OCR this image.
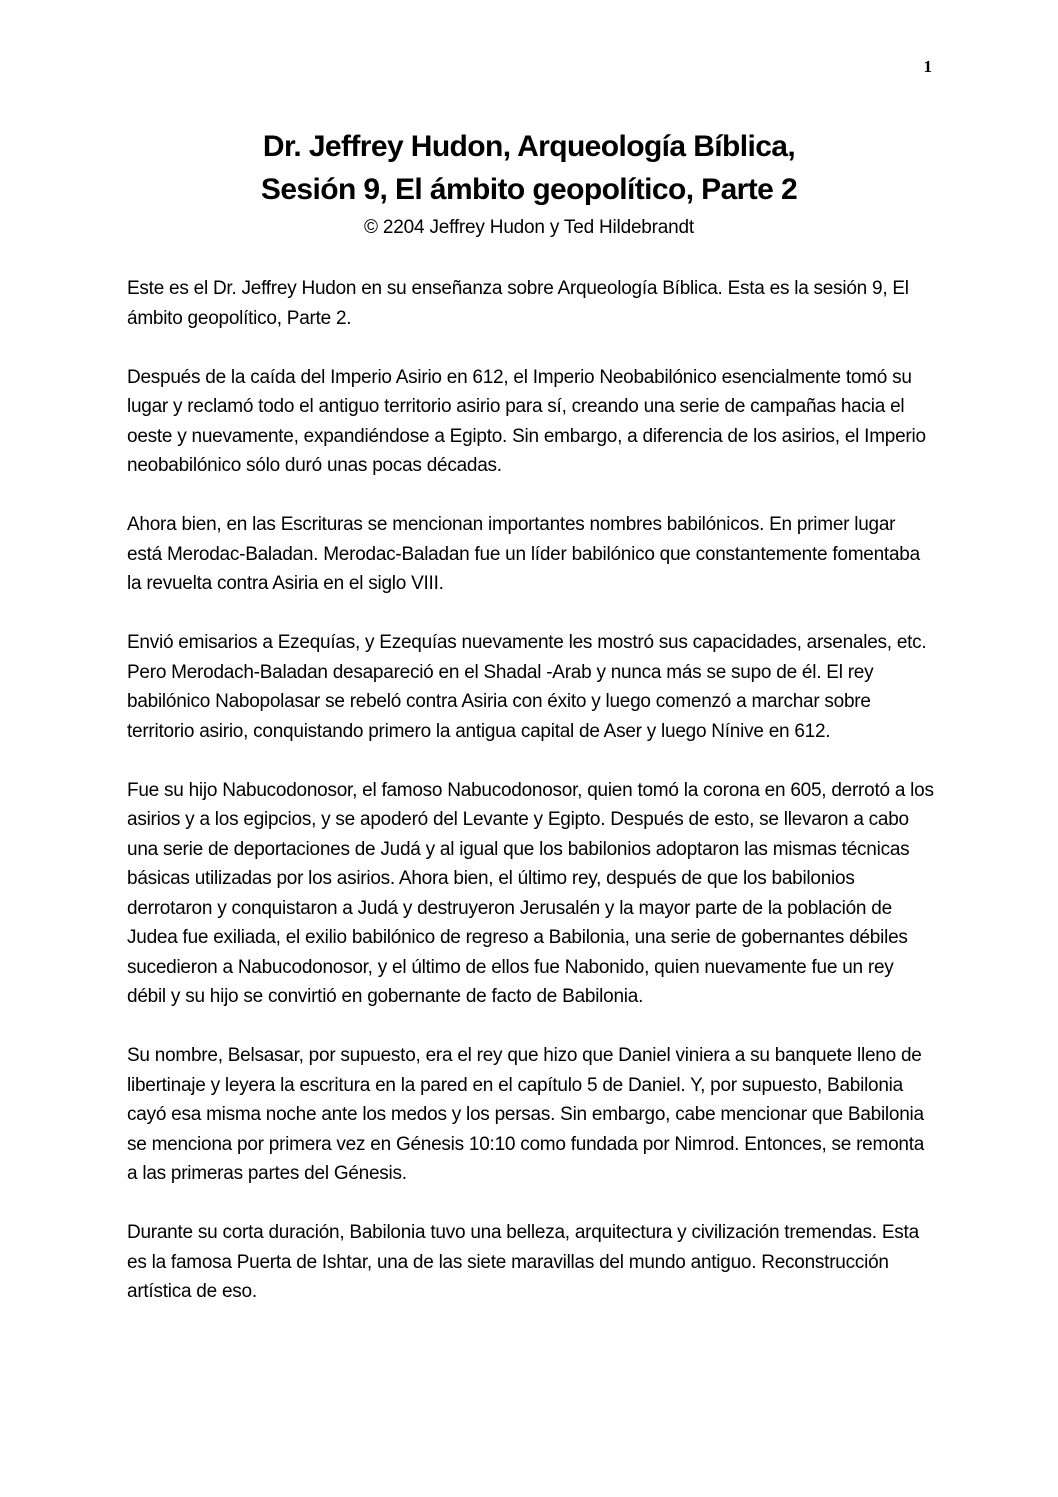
1
Dr. Jeffrey Hudon, Arqueología Bíblica,
Sesión 9, El ámbito geopolítico, Parte 2
© 2204 Jeffrey Hudon y Ted Hildebrandt

Este es el Dr. Jeffrey Hudon en su enseñanza sobre Arqueología Bíblica. Esta es la sesión 9, El ámbito geopolítico, Parte 2.

Después de la caída del Imperio Asirio en 612, el Imperio Neobabilónico esencialmente tomó su lugar y reclamó todo el antiguo territorio asirio para sí, creando una serie de campañas hacia el oeste y nuevamente, expandiéndose a Egipto. Sin embargo, a diferencia de los asirios, el Imperio neobabilónico sólo duró unas pocas décadas.

Ahora bien, en las Escrituras se mencionan importantes nombres babilónicos. En primer lugar está Merodac-Baladan. Merodac-Baladan fue un líder babilónico que constantemente fomentaba la revuelta contra Asiria en el siglo VIII.

Envió emisarios a Ezequías, y Ezequías nuevamente les mostró sus capacidades, arsenales, etc. Pero Merodach-Baladan desapareció en el Shadal -Arab y nunca más se supo de él. El rey babilónico Nabopolasar se rebeló contra Asiria con éxito y luego comenzó a marchar sobre territorio asirio, conquistando primero la antigua capital de Aser y luego Nínive en 612.

Fue su hijo Nabucodonosor, el famoso Nabucodonosor, quien tomó la corona en 605, derrotó a los asirios y a los egipcios, y se apoderó del Levante y Egipto. Después de esto, se llevaron a cabo una serie de deportaciones de Judá y al igual que los babilonios adoptaron las mismas técnicas básicas utilizadas por los asirios. Ahora bien, el último rey, después de que los babilonios derrotaron y conquistaron a Judá y destruyeron Jerusalén y la mayor parte de la población de Judea fue exiliada, el exilio babilónico de regreso a Babilonia, una serie de gobernantes débiles sucedieron a Nabucodonosor, y el último de ellos fue Nabonido, quien nuevamente fue un rey débil y su hijo se convirtió en gobernante de facto de Babilonia.

Su nombre, Belsasar, por supuesto, era el rey que hizo que Daniel viniera a su banquete lleno de libertinaje y leyera la escritura en la pared en el capítulo 5 de Daniel. Y, por supuesto, Babilonia cayó esa misma noche ante los medos y los persas. Sin embargo, cabe mencionar que Babilonia se menciona por primera vez en Génesis 10:10 como fundada por Nimrod. Entonces, se remonta a las primeras partes del Génesis.

Durante su corta duración, Babilonia tuvo una belleza, arquitectura y civilización tremendas. Esta es la famosa Puerta de Ishtar, una de las siete maravillas del mundo antiguo. Reconstrucción artística de eso.
